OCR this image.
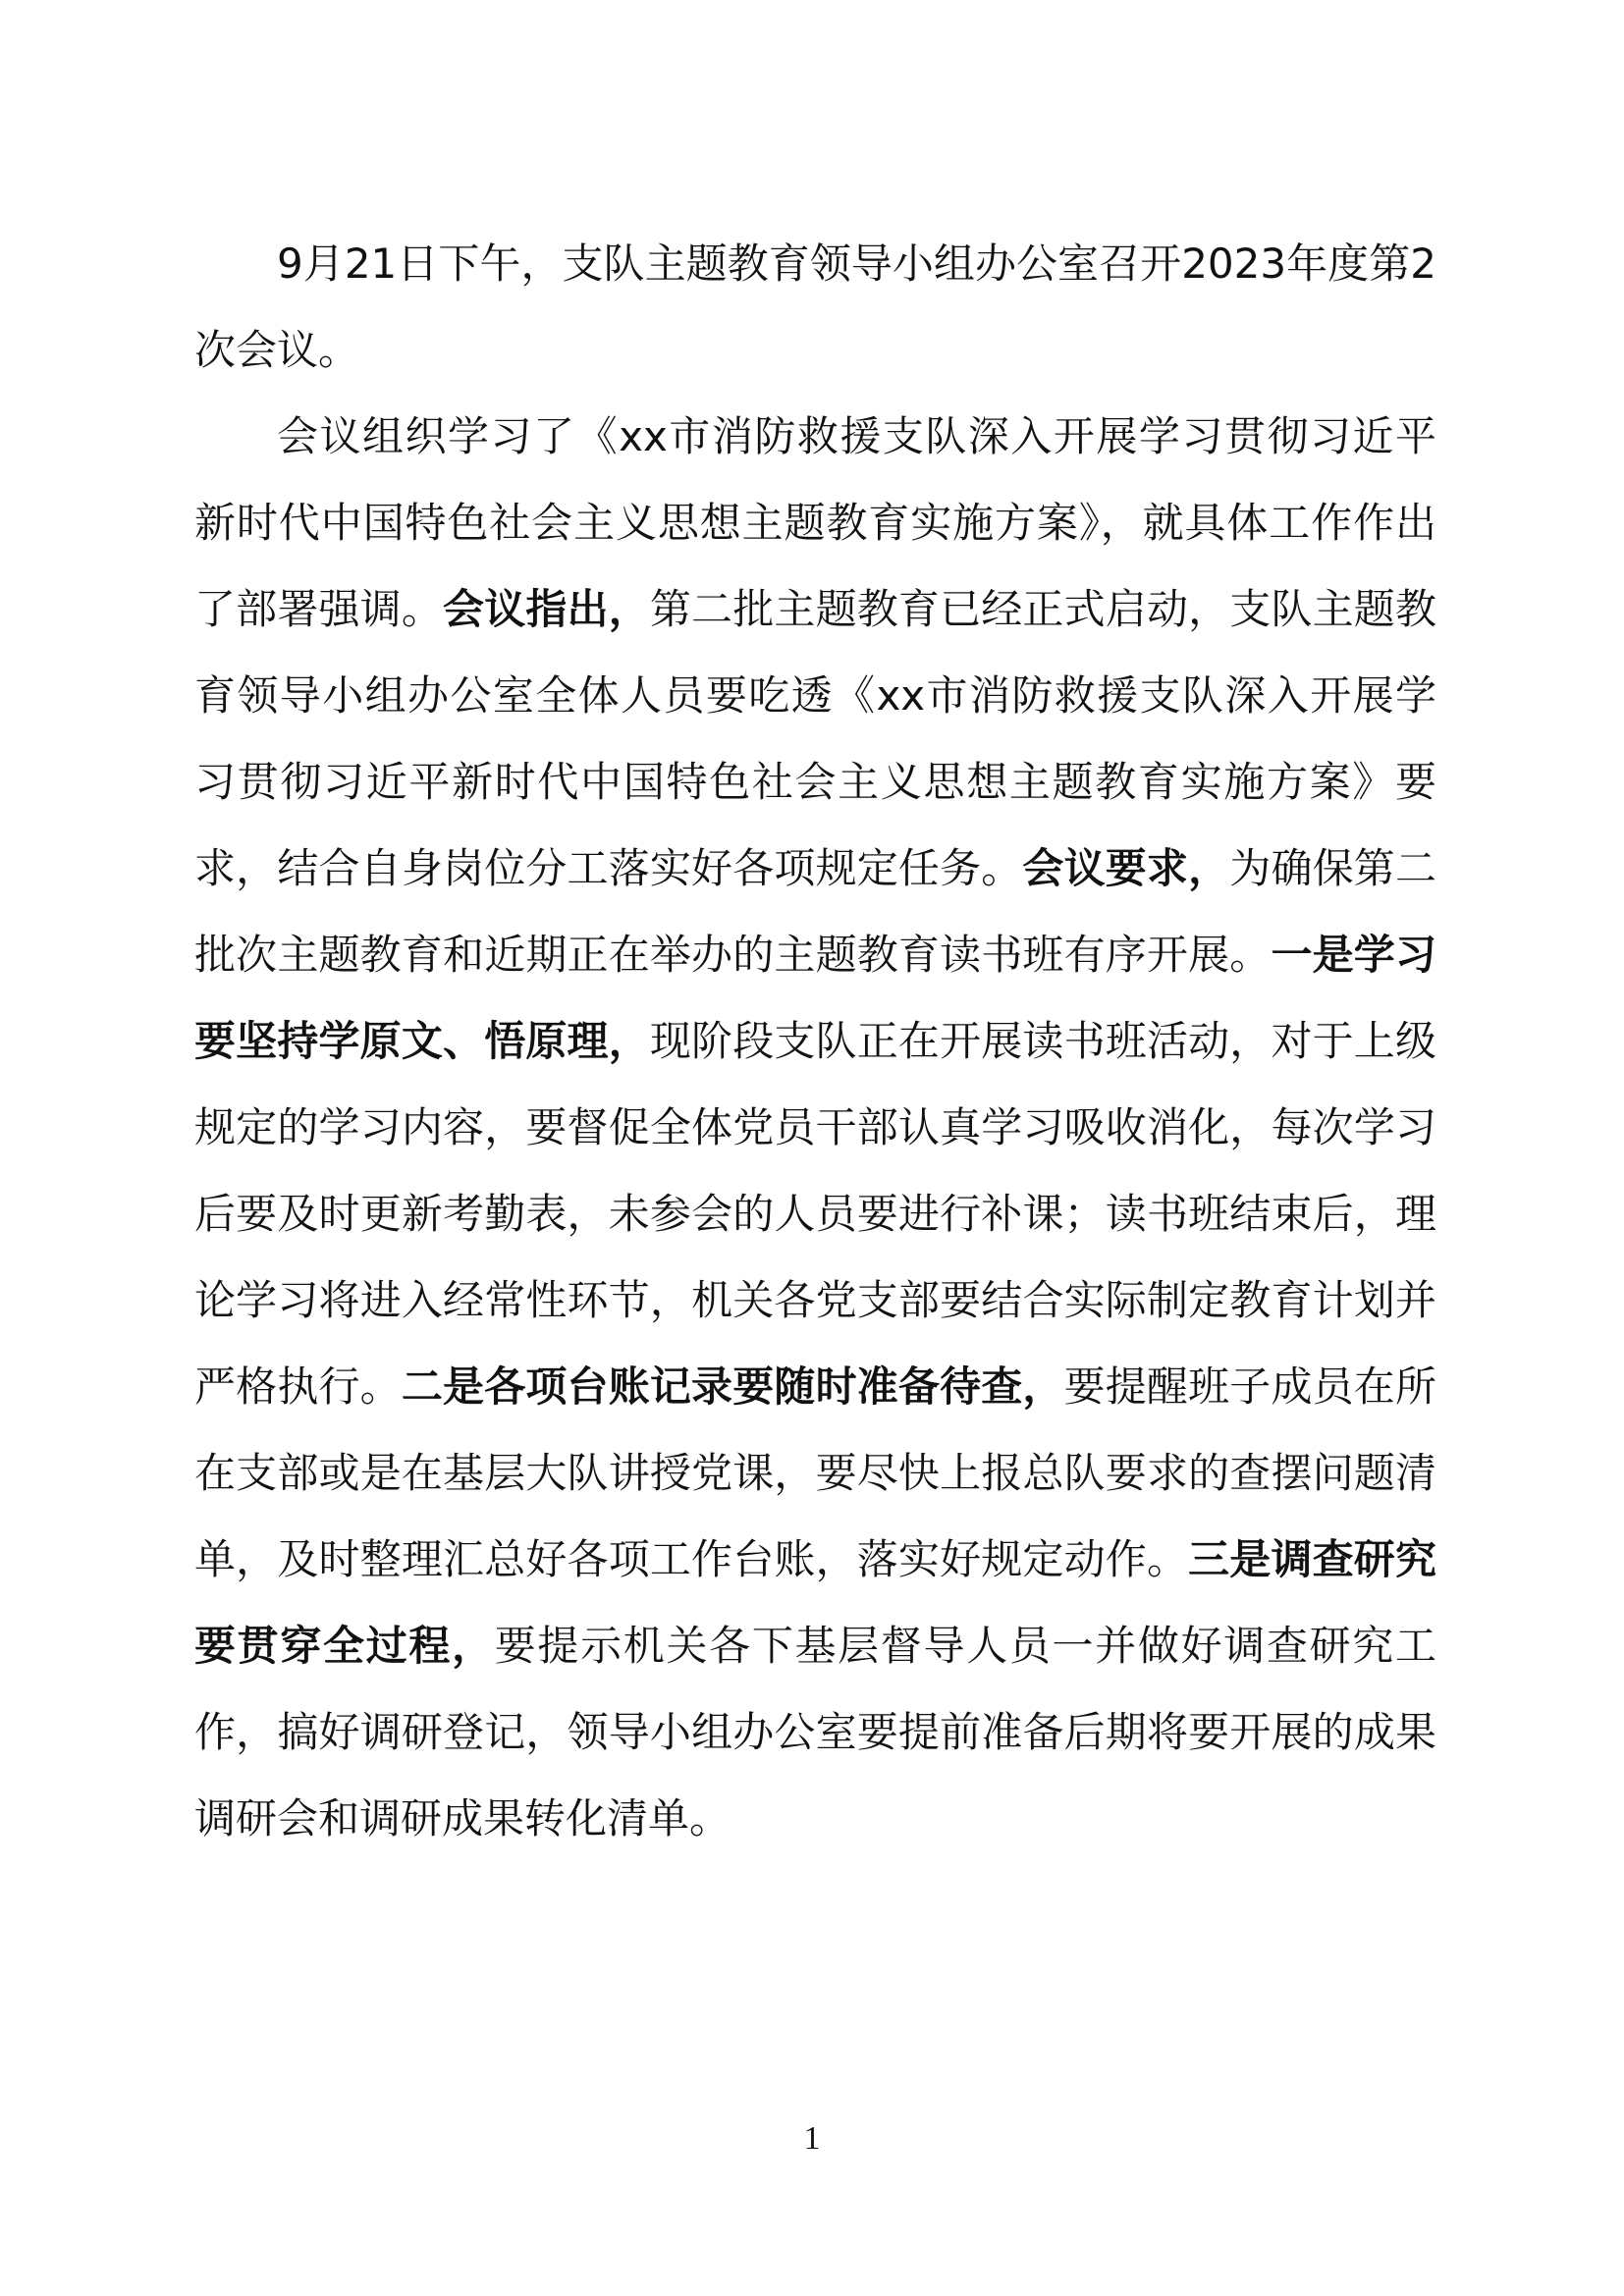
9月21日下午，支队主题教育领导小组办公室召开2023年度第2次会议。

会议组织学习了《xx市消防救援支队深入开展学习贯彻习近平新时代中国特色社会主义思想主题教育实施方案》，就具体工作作出了部署强调。会议指出，第二批主题教育已经正式启动，支队主题教育领导小组办公室全体人员要吃透《xx市消防救援支队深入开展学习贯彻习近平新时代中国特色社会主义思想主题教育实施方案》要求，结合自身岗位分工落实好各项规定任务。会议要求，为确保第二批次主题教育和近期正在举办的主题教育读书班有序开展。一是学习要坚持学原文、悟原理，现阶段支队正在开展读书班活动，对于上级规定的学习内容，要督促全体党员干部认真学习吸收消化，每次学习后要及时更新考勤表，未参会的人员要进行补课；读书班结束后，理论学习将进入经常性环节，机关各党支部要结合实际制定教育计划并严格执行。二是各项台账记录要随时准备待查，要提醒班子成员在所在支部或是在基层大队讲授党课，要尽快上报总队要求的查摆问题清单，及时整理汇总好各项工作台账，落实好规定动作。三是调查研究要贯穿全过程，要提示机关各下基层督导人员一并做好调查研究工作，搞好调研登记，领导小组办公室要提前准备后期将要开展的成果调研会和调研成果转化清单。

1
